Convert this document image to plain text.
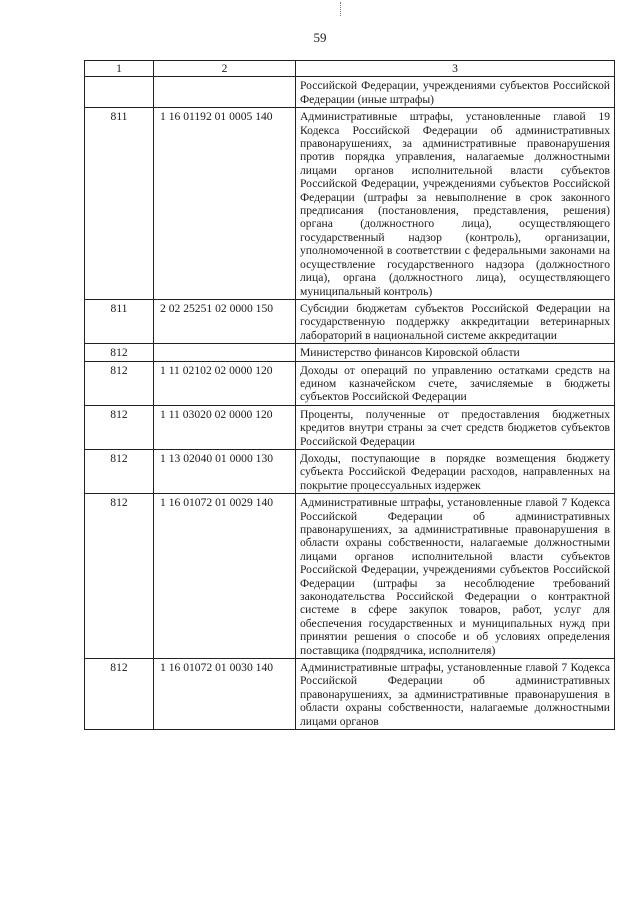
59
1	2	3
		Российской Федерации, учреждениями субъектов Российской Федерации (иные штрафы)
811	1 16 01192 01 0005 140	Административные штрафы, установленные главой 19 Кодекса Российской Федерации об административных правонарушениях, за административные правонарушения против порядка управления, налагаемые должностными лицами органов исполнительной власти субъектов Российской Федерации, учреждениями субъектов Российской Федерации (штрафы за невыполнение в срок законного предписания (постановления, представления, решения) органа (должностного лица), осуществляющего государственный надзор (контроль), организации, уполномоченной в соответствии с федеральными законами на осуществление государственного надзора (должностного лица), органа (должностного лица), осуществляющего муниципальный контроль)
811	2 02 25251 02 0000 150	Субсидии бюджетам субъектов Российской Федерации на государственную поддержку аккредитации ветеринарных лабораторий в национальной системе аккредитации
812		Министерство финансов Кировской области
812	1 11 02102 02 0000 120	Доходы от операций по управлению остатками средств на едином казначейском счете, зачисляемые в бюджеты субъектов Российской Федерации
812	1 11 03020 02 0000 120	Проценты, полученные от предоставления бюджетных кредитов внутри страны за счет средств бюджетов субъектов Российской Федерации
812	1 13 02040 01 0000 130	Доходы, поступающие в порядке возмещения бюджету субъекта Российской Федерации расходов, направленных на покрытие процессуальных издержек
812	1 16 01072 01 0029 140	Административные штрафы, установленные главой 7 Кодекса Российской Федерации об административных правонарушениях, за административные правонарушения в области охраны собственности, налагаемые должностными лицами органов исполнительной власти субъектов Российской Федерации, учреждениями субъектов Российской Федерации (штрафы за несоблюдение требований законодательства Российской Федерации о контрактной системе в сфере закупок товаров, работ, услуг для обеспечения государственных и муниципальных нужд при принятии решения о способе и об условиях определения поставщика (подрядчика, исполнителя)
812	1 16 01072 01 0030 140	Административные штрафы, установленные главой 7 Кодекса Российской Федерации об административных правонарушениях, за административные правонарушения в области охраны собственности, налагаемые должностными лицами органов
